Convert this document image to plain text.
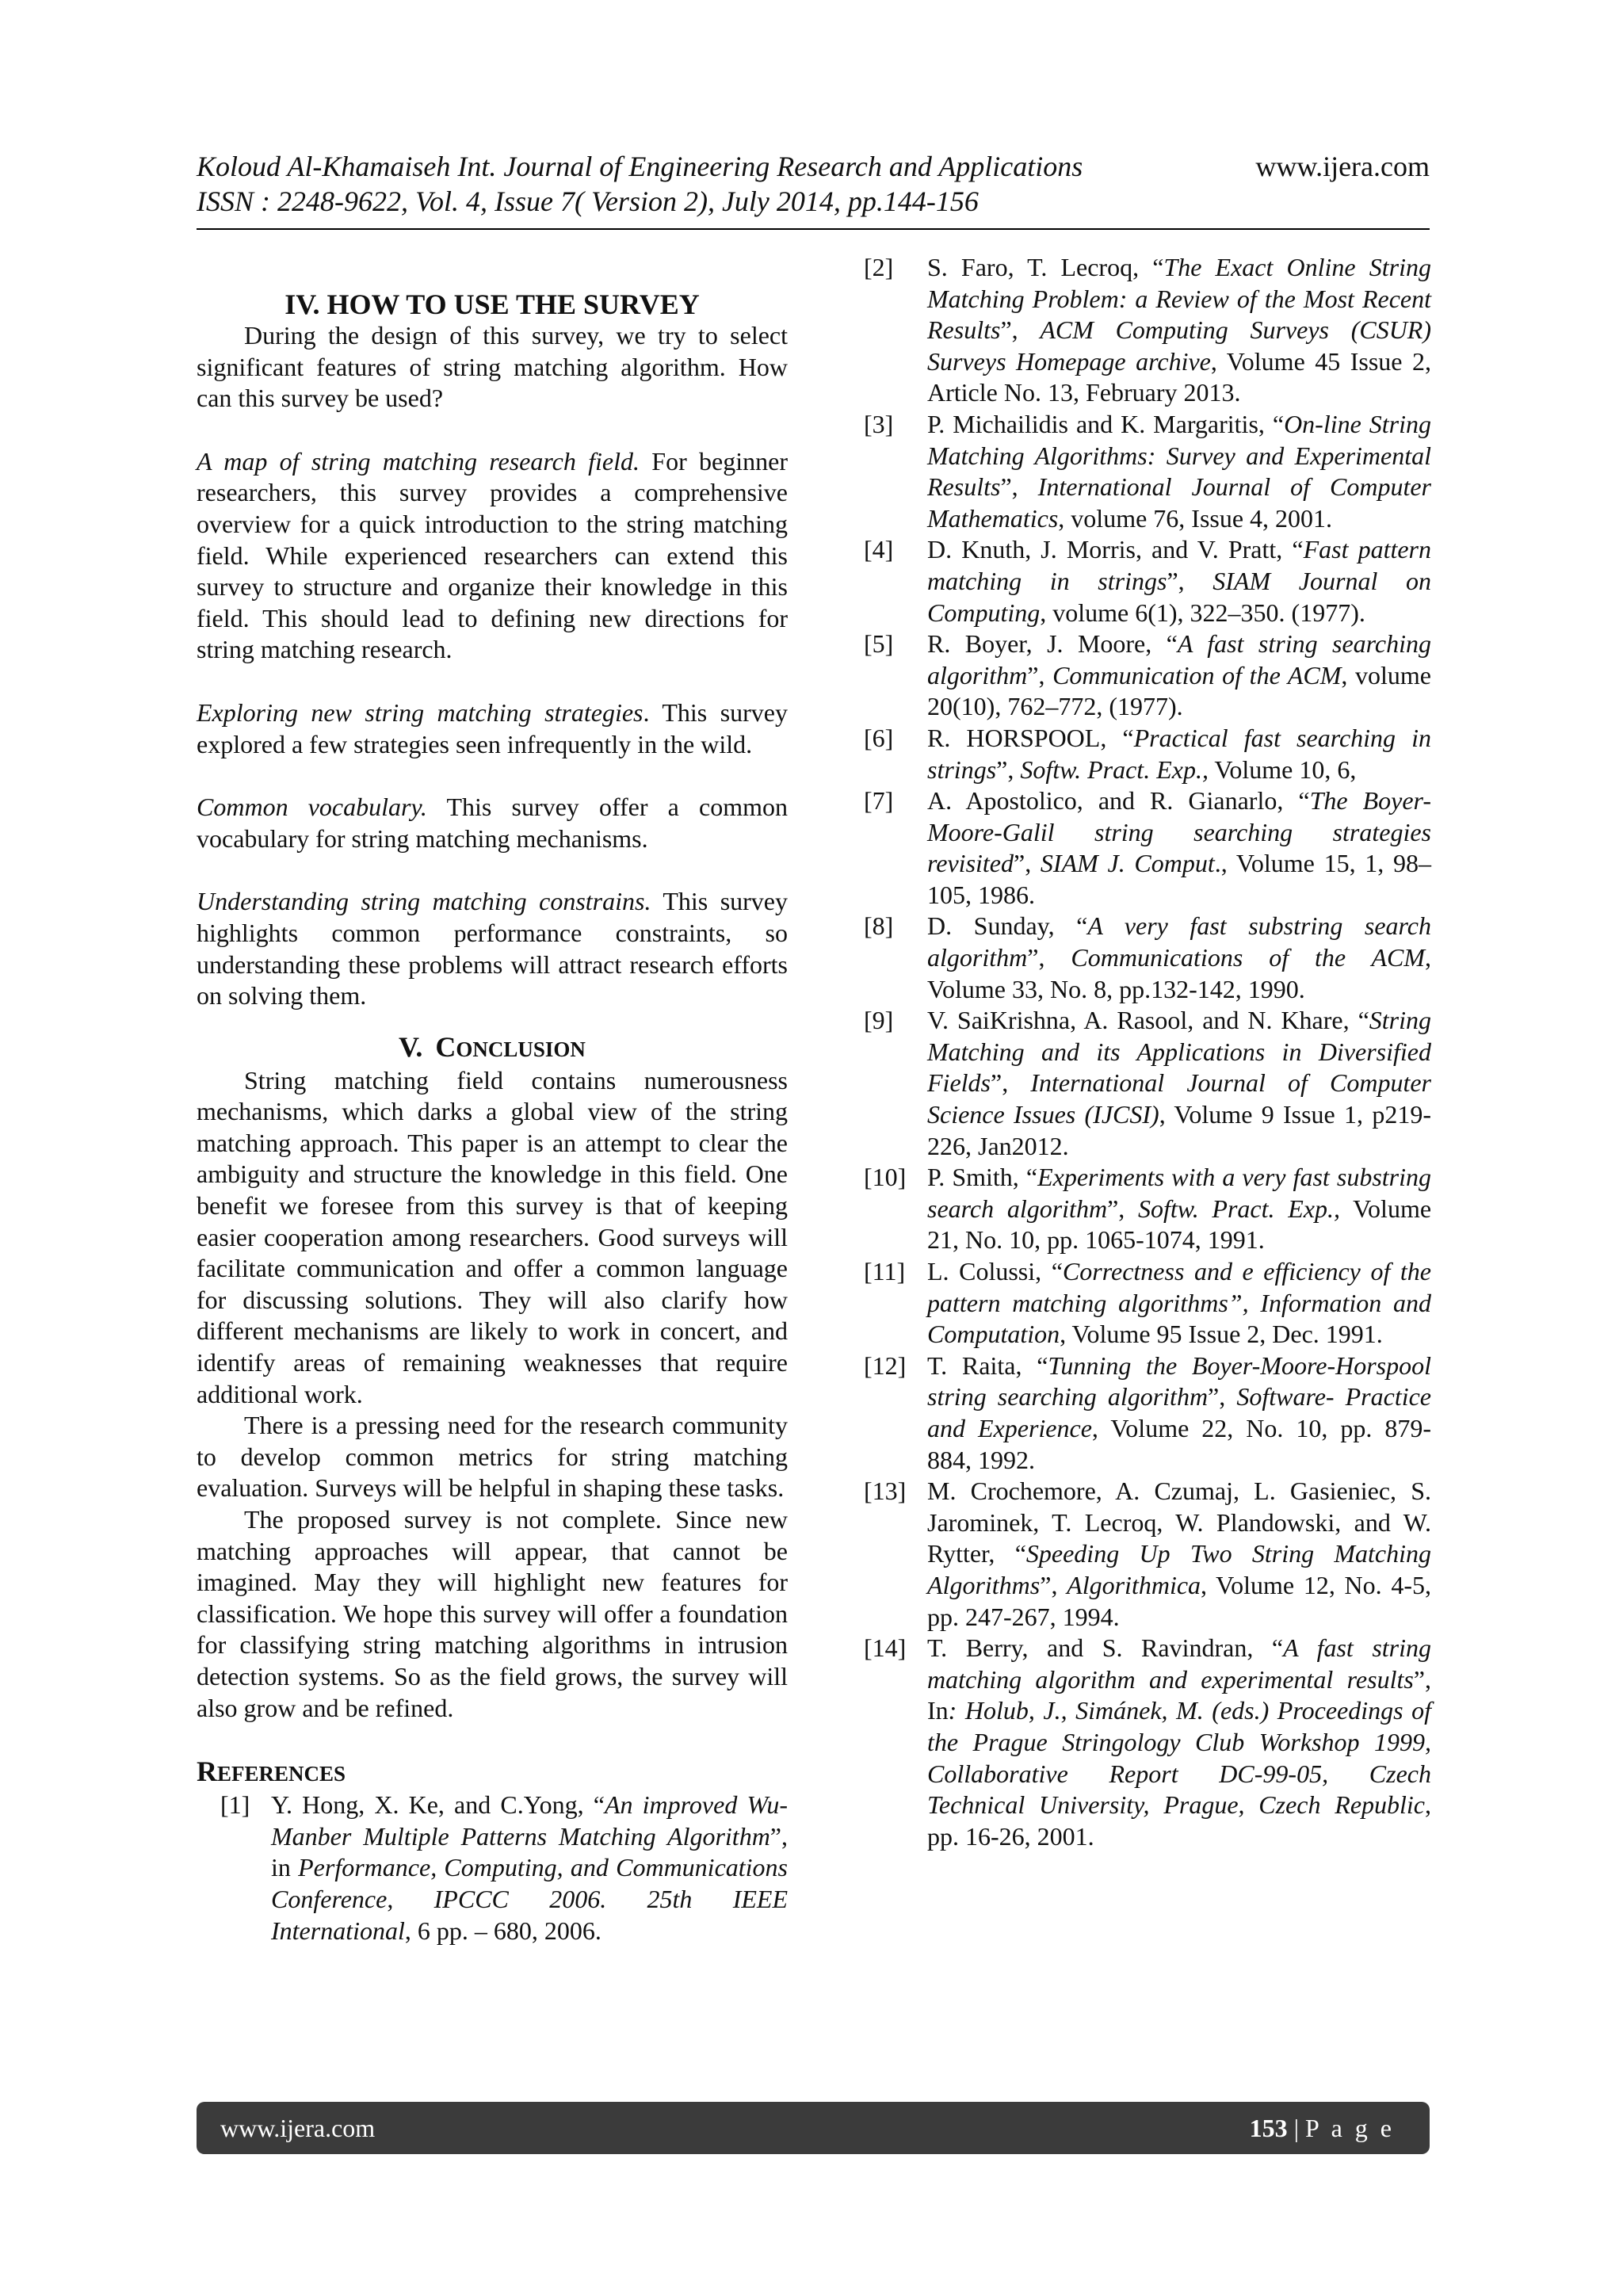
Koloud Al-Khamaiseh Int. Journal of Engineering Research and Applications	www.ijera.com
ISSN : 2248-9622, Vol. 4, Issue 7( Version 2), July 2014, pp.144-156
IV. HOW TO USE THE SURVEY

During the design of this survey, we try to select significant features of string matching algorithm. How can this survey be used?

A map of string matching research field. For beginner researchers, this survey provides a comprehensive overview for a quick introduction to the string matching field. While experienced researchers can extend this survey to structure and organize their knowledge in this field. This should lead to defining new directions for string matching research.

Exploring new string matching strategies. This survey explored a few strategies seen infrequently in the wild.

Common vocabulary. This survey offer a common vocabulary for string matching mechanisms.

Understanding string matching constrains. This survey highlights common performance constraints, so understanding these problems will attract research efforts on solving them.

V. CONCLUSION

String matching field contains numerousness mechanisms, which darks a global view of the string matching approach. This paper is an attempt to clear the ambiguity and structure the knowledge in this field. One benefit we foresee from this survey is that of keeping easier cooperation among researchers. Good surveys will facilitate communication and offer a common language for discussing solutions. They will also clarify how different mechanisms are likely to work in concert, and identify areas of remaining weaknesses that require additional work.

There is a pressing need for the research community to develop common metrics for string matching evaluation. Surveys will be helpful in shaping these tasks.

The proposed survey is not complete. Since new matching approaches will appear, that cannot be imagined. May they will highlight new features for classification. We hope this survey will offer a foundation for classifying string matching algorithms in intrusion detection systems. So as the field grows, the survey will also grow and be refined.

REFERENCES
[1] Y. Hong, X. Ke, and C.Yong, “An improved Wu-Manber Multiple Patterns Matching Algorithm”, in Performance, Computing, and Communications Conference, IPCCC 2006. 25th IEEE International, 6 pp. – 680, 2006.
[2]	S. Faro, T. Lecroq, “The Exact Online String Matching Problem: a Review of the Most Recent Results”, ACM Computing Surveys (CSUR) Surveys Homepage archive, Volume 45 Issue 2, Article No. 13, February 2013.
[3]	P. Michailidis and K. Margaritis, “On-line String Matching Algorithms: Survey and Experimental Results”, International Journal of Computer Mathematics, volume 76, Issue 4, 2001.
[4]	D. Knuth, J. Morris, and V. Pratt, “Fast pattern matching in strings”, SIAM Journal on Computing, volume 6(1), 322–350. (1977).
[5]	R. Boyer, J. Moore, “A fast string searching algorithm”, Communication of the ACM, volume 20(10), 762–772, (1977).
[6]	R. HORSPOOL, “Practical fast searching in strings”, Softw. Pract. Exp., Volume 10, 6,
[7]	A. Apostolico, and R. Gianarlo, “The Boyer-Moore-Galil string searching strategies revisited”, SIAM J. Comput., Volume 15, 1, 98–105, 1986.
[8]	D. Sunday, “A very fast substring search algorithm”, Communications of the ACM, Volume 33, No. 8, pp.132-142, 1990.
[9]	V. SaiKrishna, A. Rasool, and N. Khare, “String Matching and its Applications in Diversified Fields”, International Journal of Computer Science Issues (IJCSI), Volume 9 Issue 1, p219-226, Jan2012.
[10] P. Smith, “Experiments with a very fast substring search algorithm”, Softw. Pract. Exp., Volume 21, No. 10, pp. 1065-1074, 1991.
[11] L. Colussi, “Correctness and e efficiency of the pattern matching algorithms”, Information and Computation, Volume 95 Issue 2, Dec. 1991.
[12] T. Raita, “Tunning the Boyer-Moore-Horspool string searching algorithm”, Software- Practice and Experience, Volume 22, No. 10, pp. 879-884, 1992.
[13] M. Crochemore, A. Czumaj, L. Gasieniec, S. Jarominek, T. Lecroq, W. Plandowski, and W. Rytter, “Speeding Up Two String Matching Algorithms”, Algorithmica, Volume 12, No. 4-5, pp. 247-267, 1994.
[14] T. Berry, and S. Ravindran, “A fast string matching algorithm and experimental results”, In: Holub, J., Simánek, M. (eds.) Proceedings of the Prague Stringology Club Workshop 1999, Collaborative Report DC-99-05, Czech Technical University, Prague, Czech Republic, pp. 16-26, 2001.
www.ijera.com	153 | P a g e
